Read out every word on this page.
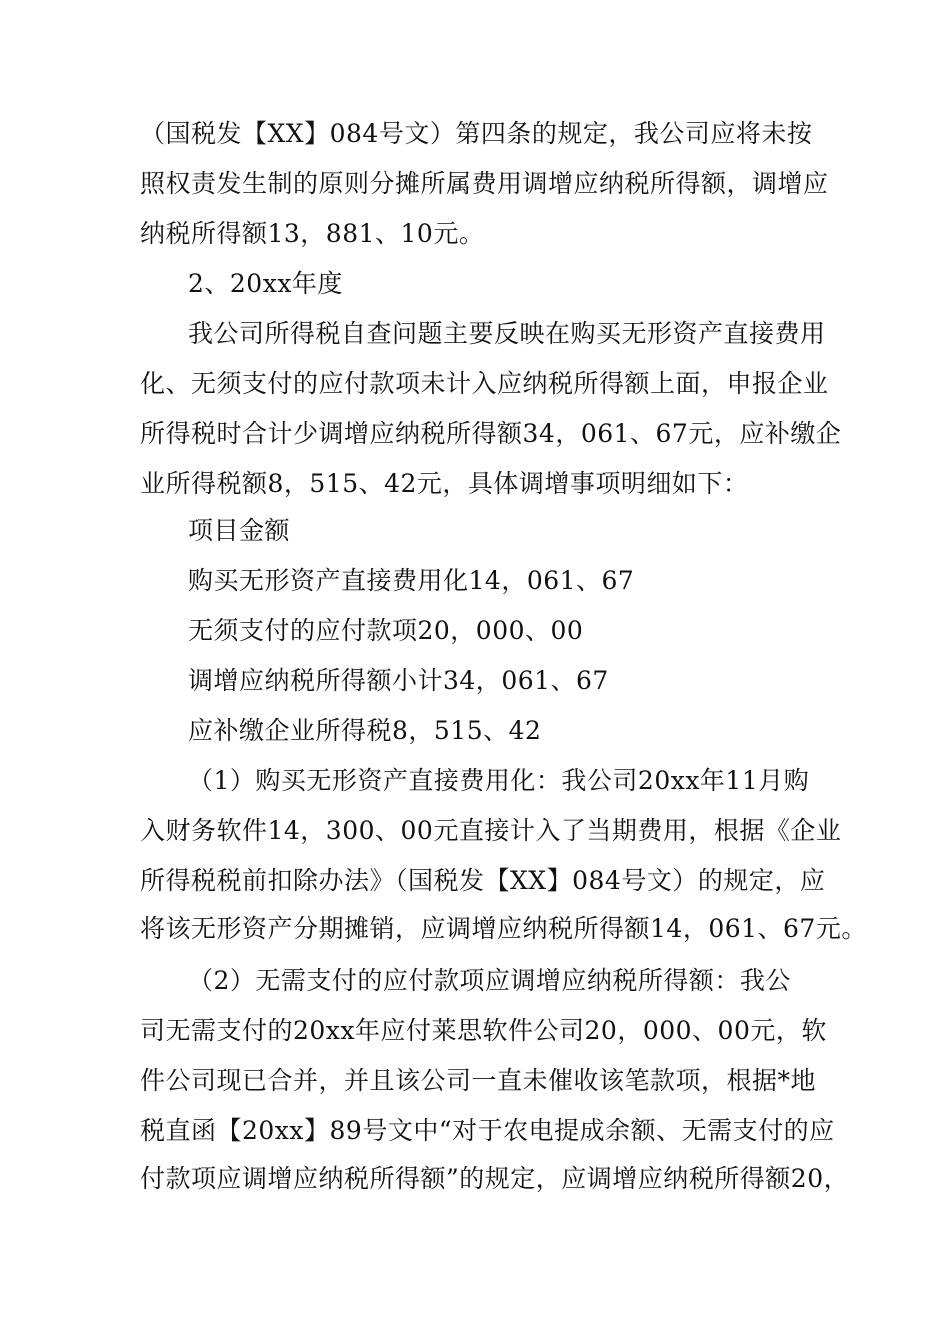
（国税发【XX】084号文）第四条的规定，我公司应将未按
照权责发生制的原则分摊所属费用调增应纳税所得额，调增应
纳税所得额13，881、10元。
2、20xx年度
我公司所得税自查问题主要反映在购买无形资产直接费用
化、无须支付的应付款项未计入应纳税所得额上面，申报企业
所得税时合计少调增应纳税所得额34，061、67元，应补缴企
业所得税额8，515、42元，具体调增事项明细如下：
项目金额
购买无形资产直接费用化14，061、67
无须支付的应付款项20，000、00
调增应纳税所得额小计34，061、67
应补缴企业所得税8，515、42
（1）购买无形资产直接费用化：我公司20xx年11月购
入财务软件14，300、00元直接计入了当期费用，根据《企业
所得税税前扣除办法》（国税发【XX】084号文）的规定，应
将该无形资产分期摊销，应调增应纳税所得额14，061、67元。
（2）无需支付的应付款项应调增应纳税所得额：我公
司无需支付的20xx年应付莱思软件公司20，000、00元，软
件公司现已合并，并且该公司一直未催收该笔款项，根据*地
税直函【20xx】89号文中“对于农电提成余额、无需支付的应
付款项应调增应纳税所得额”的规定，应调增应纳税所得额20，
